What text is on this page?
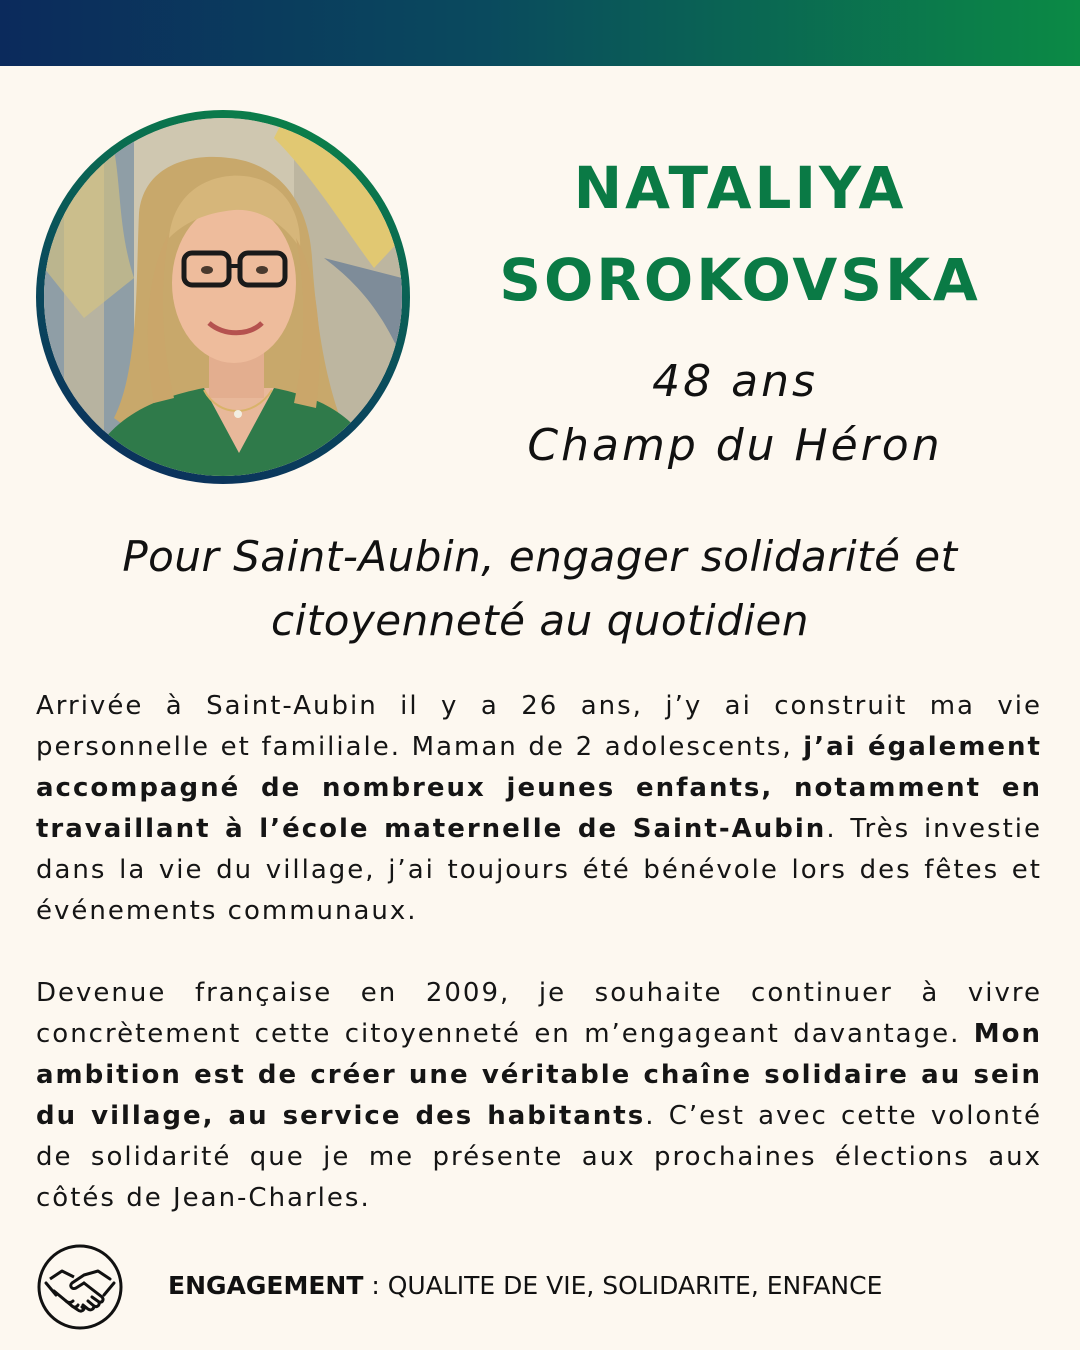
NATALIYA
SOROKOVSKA
48 ans
Champ du Héron
Pour Saint-Aubin, engager solidarité et
citoyenneté au quotidien

Arrivée à Saint-Aubin il y a 26 ans, j’y ai construit ma vie personnelle et familiale. Maman de 2 adolescents, j’ai également accompagné de nombreux jeunes enfants, notamment en travaillant à l’école maternelle de Saint-Aubin. Très investie dans la vie du village, j’ai toujours été bénévole lors des fêtes et événements communaux.

Devenue française en 2009, je souhaite continuer à vivre concrètement cette citoyenneté en m’engageant davantage. Mon ambition est de créer une véritable chaîne solidaire au sein du village, au service des habitants. C’est avec cette volonté de solidarité que je me présente aux prochaines élections aux côtés de Jean-Charles.

ENGAGEMENT : QUALITE DE VIE, SOLIDARITE, ENFANCE
